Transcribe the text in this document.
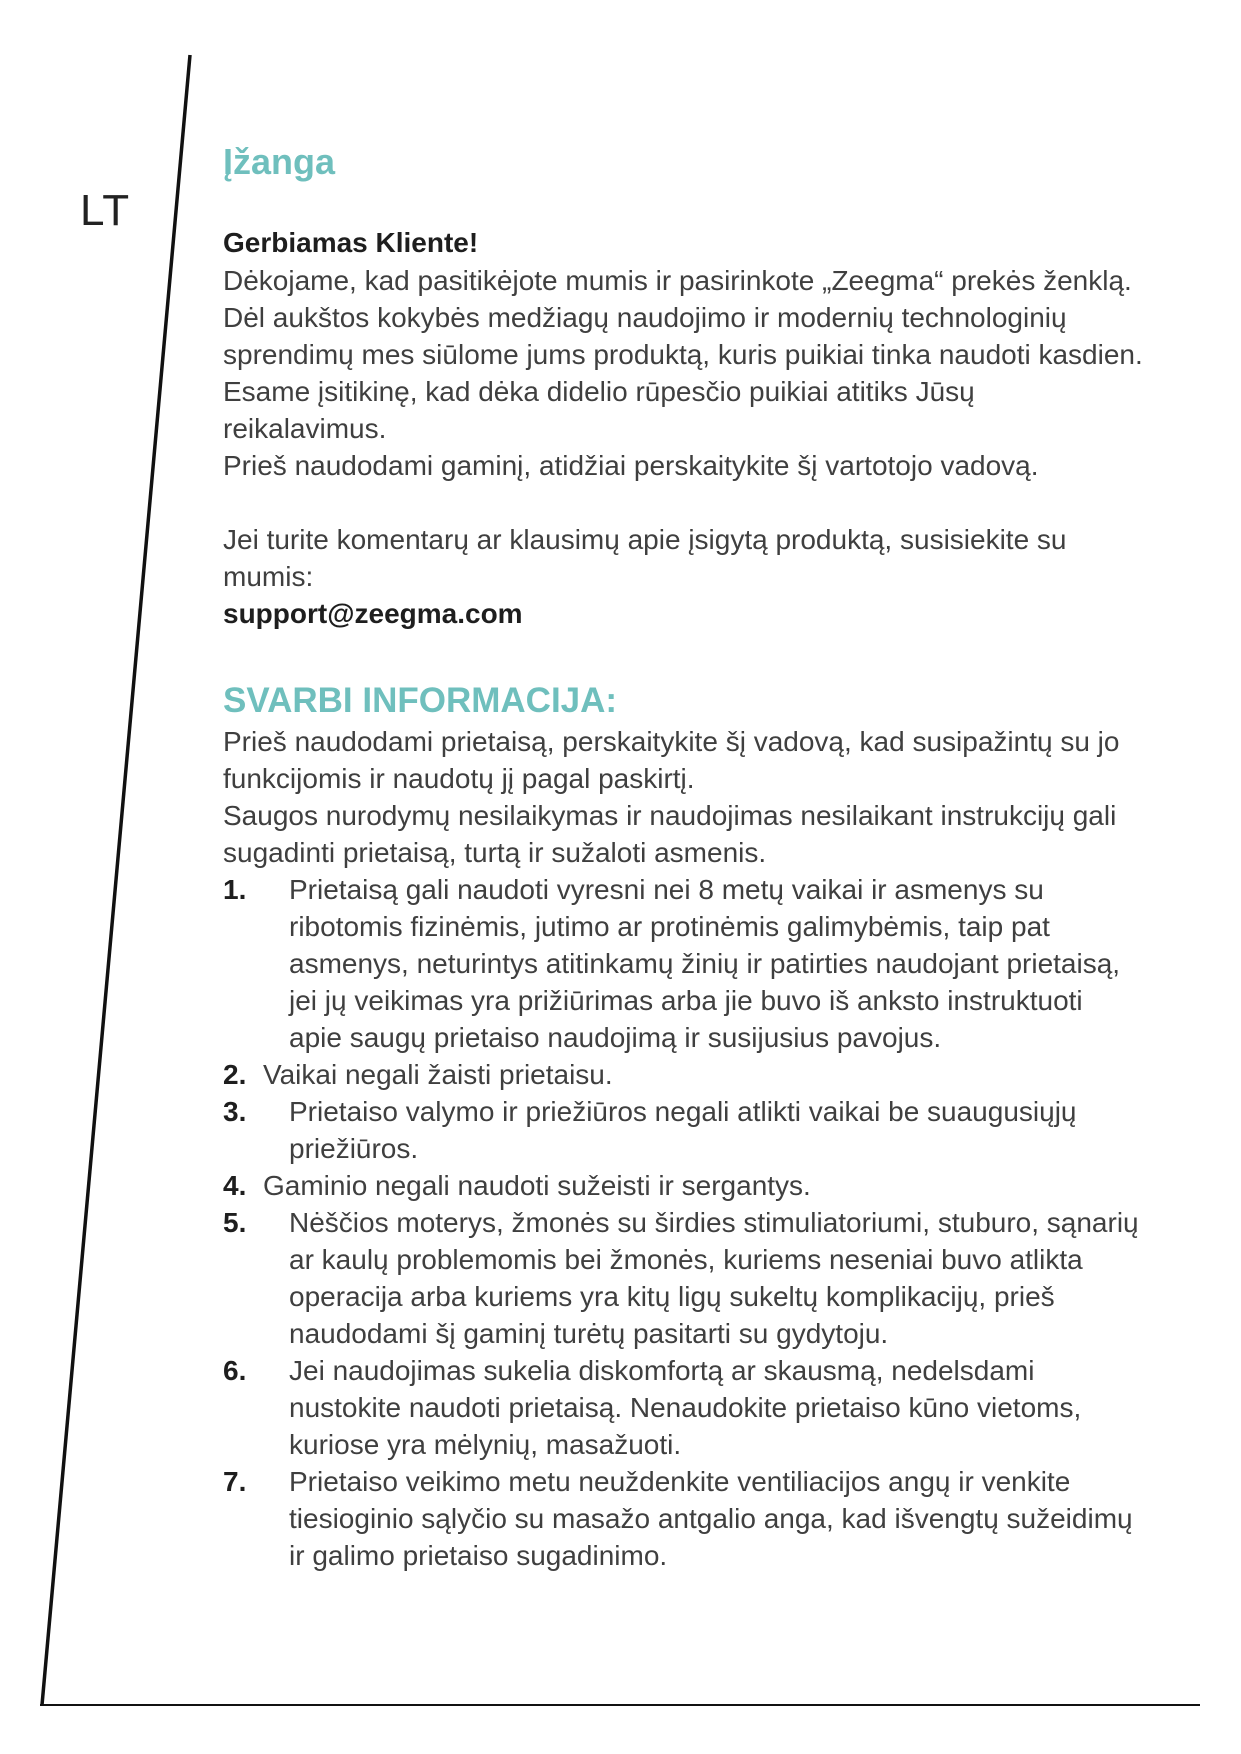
LT
Įžanga

Gerbiamas Kliente!

Dėkojame, kad pasitikėjote mumis ir pasirinkote „Zeegma“ prekės ženklą.

Dėl aukštos kokybės medžiagų naudojimo ir modernių technologinių sprendimų mes siūlome jums produktą, kuris puikiai tinka naudoti kasdien. Esame įsitikinę, kad dėka didelio rūpesčio puikiai atitiks Jūsų reikalavimus.

Prieš naudodami gaminį, atidžiai perskaitykite šį vartotojo vadovą.

Jei turite komentarų ar klausimų apie įsigytą produktą, susisiekite su mumis:

support@zeegma.com

SVARBI INFORMACIJA:

Prieš naudodami prietaisą, perskaitykite šį vadovą, kad susipažintų su jo funkcijomis ir naudotų jį pagal paskirtį.

Saugos nurodymų nesilaikymas ir naudojimas nesilaikant instrukcijų gali sugadinti prietaisą, turtą ir sužaloti asmenis.

1.	Prietaisą gali naudoti vyresni nei 8 metų vaikai ir asmenys su ribotomis fizinėmis, jutimo ar protinėmis galimybėmis, taip pat asmenys, neturintys atitinkamų žinių ir patirties naudojant prietaisą, jei jų veikimas yra prižiūrimas arba jie buvo iš anksto instruktuoti apie saugų prietaiso naudojimą ir susijusius pavojus.
2. Vaikai negali žaisti prietaisu.
3.	Prietaiso valymo ir priežiūros negali atlikti vaikai be suaugusiųjų priežiūros.
4. Gaminio negali naudoti sužeisti ir sergantys.
5.	Nėščios moterys, žmonės su širdies stimuliatoriumi, stuburo, sąnarių ar kaulų problemomis bei žmonės, kuriems neseniai buvo atlikta operacija arba kuriems yra kitų ligų sukeltų komplikacijų, prieš naudodami šį gaminį turėtų pasitarti su gydytoju.
6.	Jei naudojimas sukelia diskomfortą ar skausmą, nedelsdami nustokite naudoti prietaisą. Nenaudokite prietaiso kūno vietoms, kuriose yra mėlynių, masažuoti.
7.	Prietaiso veikimo metu neuždenkite ventiliacijos angų ir venkite tiesioginio sąlyčio su masažo antgalio anga, kad išvengtų sužeidimų ir galimo prietaiso sugadinimo.
